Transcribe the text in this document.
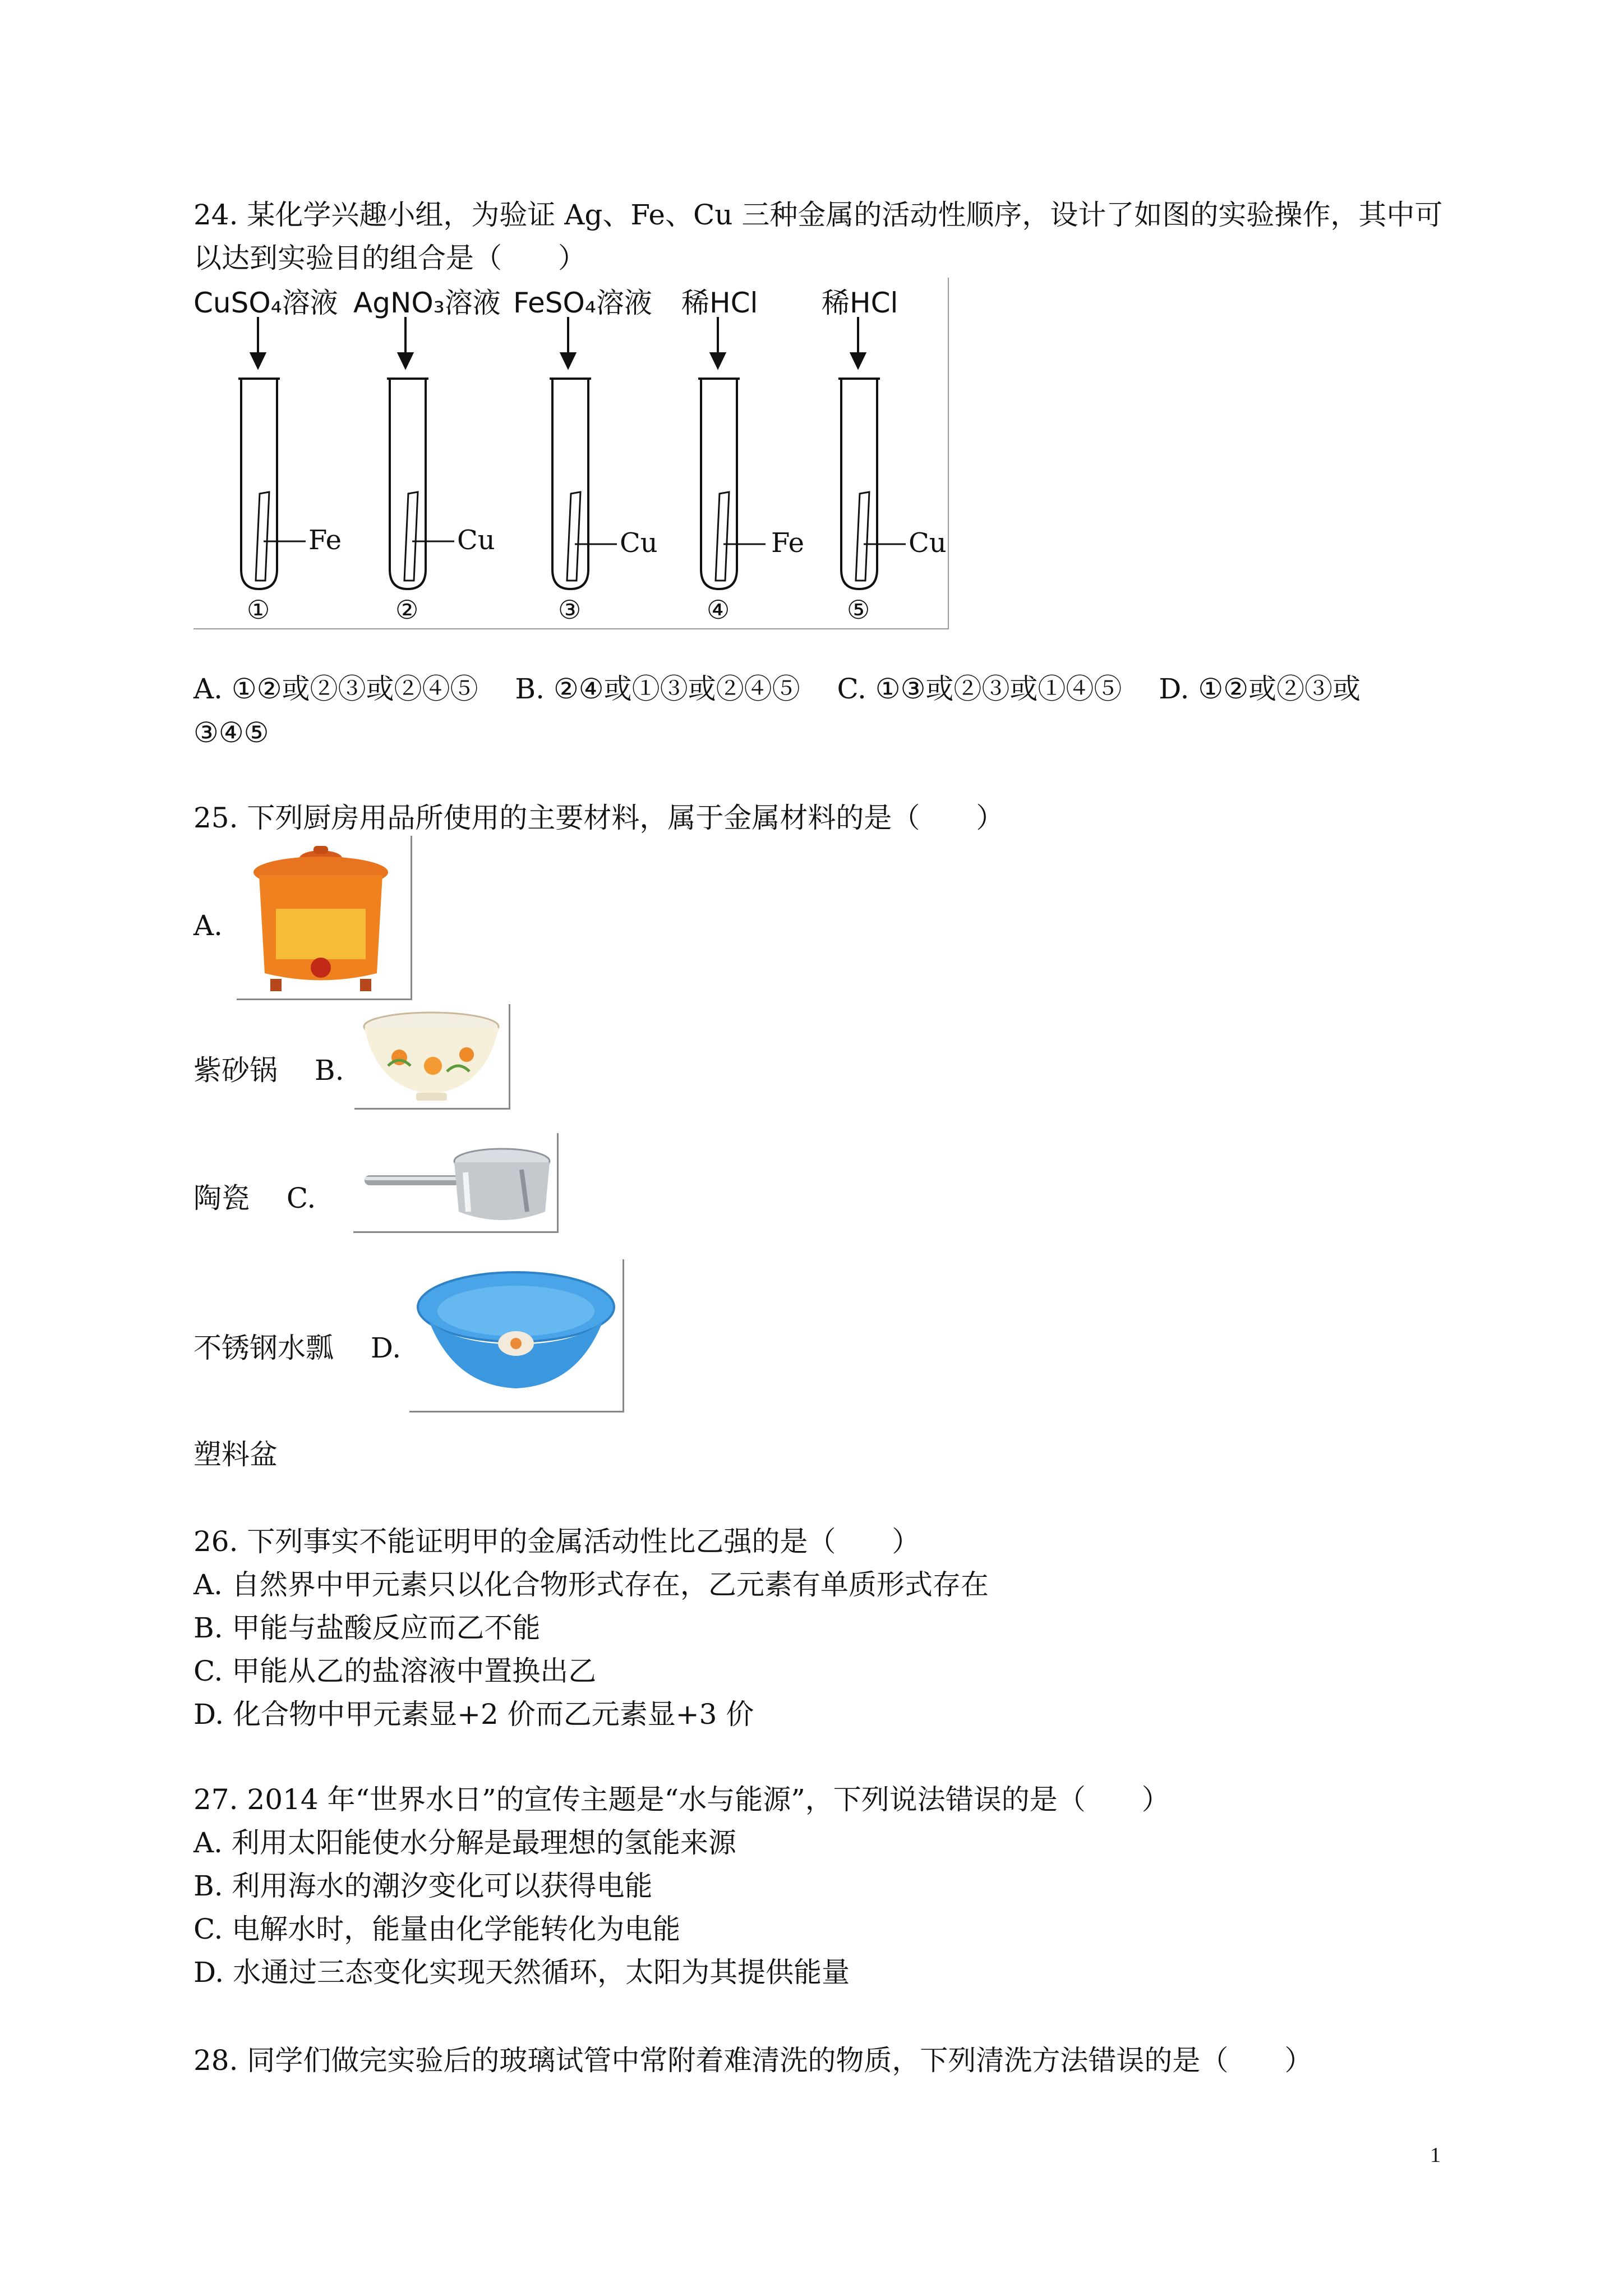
24. 某化学兴趣小组，为验证 Ag、Fe、Cu 三种金属的活动性顺序，设计了如图的实验操作，其中可
以达到实验目的组合是（　　）
CuSO₄溶液 AgNO₃溶液 FeSO₄溶液 稀HCl 稀HCl
Fe	Cu	Cu	Fe	Cu
①	②	③	④	⑤
A. ①②或②③或②④⑤　 B. ②④或①③或②④⑤　 C. ①③或②③或①④⑤　 D. ①②或②③或
③④⑤
25. 下列厨房用品所使用的主要材料，属于金属材料的是（　　）
A.
紫砂锅　 B.
陶瓷　 C.
不锈钢水瓢　 D.
塑料盆
26. 下列事实不能证明甲的金属活动性比乙强的是（　　）
A. 自然界中甲元素只以化合物形式存在，乙元素有单质形式存在
B. 甲能与盐酸反应而乙不能
C. 甲能从乙的盐溶液中置换出乙
D. 化合物中甲元素显+2 价而乙元素显+3 价
27. 2014 年“世界水日”的宣传主题是“水与能源”，下列说法错误的是（　　）
A. 利用太阳能使水分解是最理想的氢能来源
B. 利用海水的潮汐变化可以获得电能
C. 电解水时，能量由化学能转化为电能
D. 水通过三态变化实现天然循环，太阳为其提供能量
28. 同学们做完实验后的玻璃试管中常附着难清洗的物质，下列清洗方法错误的是（　　）
1
